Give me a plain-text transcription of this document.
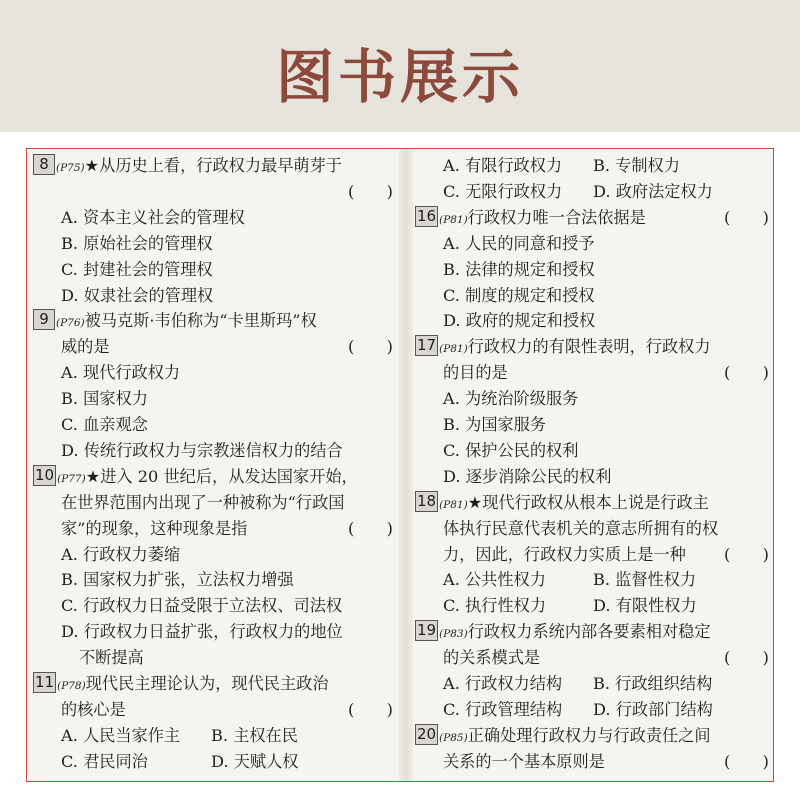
图书展示
8 (P75)★从历史上看，行政权力最早萌芽于
(　　)
A. 资本主义社会的管理权
B. 原始社会的管理权
C. 封建社会的管理权
D. 奴隶社会的管理权
9 (P76)被马克斯·韦伯称为“卡里斯玛”权
威的是	(　　)
A. 现代行政权力
B. 国家权力
C. 血亲观念
D. 传统行政权力与宗教迷信权力的结合
10 (P77)★进入 20 世纪后，从发达国家开始，
在世界范围内出现了一种被称为“行政国
家”的现象，这种现象是指	(　　)
A. 行政权力萎缩
B. 国家权力扩张，立法权力增强
C. 行政权力日益受限于立法权、司法权
D. 行政权力日益扩张，行政权力的地位
不断提高
11 (P78)现代民主理论认为，现代民主政治
的核心是	(　　)
A. 人民当家作主 B. 主权在民
C. 君民同治	D. 天赋人权
A. 有限行政权力 B. 专制权力
C. 无限行政权力 D. 政府法定权力
16 (P81)行政权力唯一合法依据是	(　　)
A. 人民的同意和授予
B. 法律的规定和授权
C. 制度的规定和授权
D. 政府的规定和授权
17 (P81)行政权力的有限性表明，行政权力
的目的是	(　　)
A. 为统治阶级服务
B. 为国家服务
C. 保护公民的权利
D. 逐步消除公民的权利
18 (P81)★现代行政权从根本上说是行政主
体执行民意代表机关的意志所拥有的权
力，因此，行政权力实质上是一种 (　　)
A. 公共性权力	B. 监督性权力
C. 执行性权力	D. 有限性权力
19 (P83)行政权力系统内部各要素相对稳定
的关系模式是	(　　)
A. 行政权力结构 B. 行政组织结构
C. 行政管理结构 D. 行政部门结构
20 (P85)正确处理行政权力与行政责任之间
关系的一个基本原则是	(　　)
